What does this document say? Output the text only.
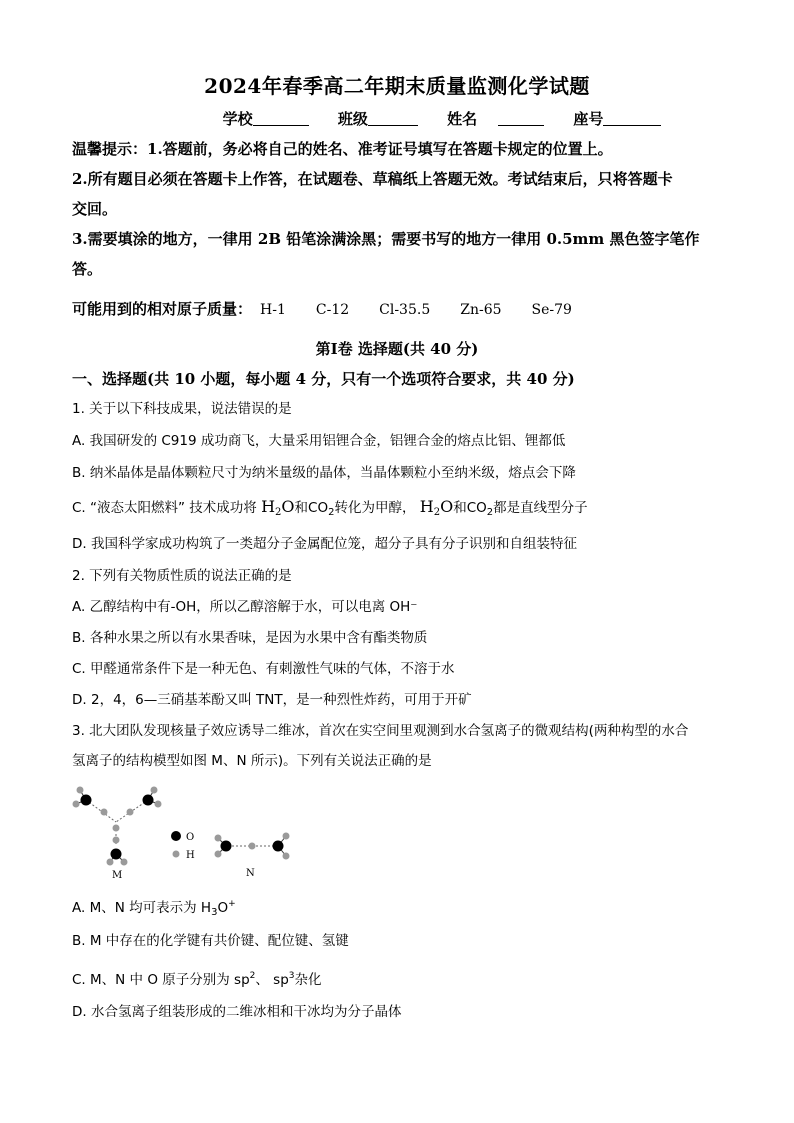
2024年春季高二年期末质量监测化学试题
学校	班级	姓名	座号
温馨提示：1.答题前，务必将自己的姓名、准考证号填写在答题卡规定的位置上。
2.所有题目必须在答题卡上作答，在试题卷、草稿纸上答题无效。考试结束后，只将答题卡
交回。
3.需要填涂的地方，一律用 2B 铅笔涂满涂黑；需要书写的地方一律用 0.5mm 黑色签字笔作
答。
可能用到的相对原子质量： H-1 C-12 Cl-35.5 Zn-65 Se-79
第Ⅰ卷 选择题(共 40 分)
一、选择题(共 10 小题，每小题 4 分，只有一个选项符合要求，共 40 分)
1. 关于以下科技成果，说法错误的是
A. 我国研发的 C919 成功商飞，大量采用铝锂合金，铝锂合金的熔点比铝、锂都低
B. 纳米晶体是晶体颗粒尺寸为纳米量级的晶体，当晶体颗粒小至纳米级，熔点会下降
C. “液态太阳燃料” 技术成功将 $H_2O$和$CO_2$转化为甲醇， $H_2O$和$CO_2$都是直线型分子
D. 我国科学家成功构筑了一类超分子金属配位笼，超分子具有分子识别和自组装特征
2. 下列有关物质性质的说法正确的是
A. 乙醇结构中有-OH，所以乙醇溶解于水，可以电离 OH⁻
B. 各种水果之所以有水果香味，是因为水果中含有酯类物质
C. 甲醛通常条件下是一种无色、有刺激性气味的气体，不溶于水
D. 2，4，6—三硝基苯酚又叫 TNT，是一种烈性炸药，可用于开矿
3. 北大团队发现核量子效应诱导二维冰，首次在实空间里观测到水合氢离子的微观结构(两种构型的水合
氢离子的结构模型如图 M、N 所示)。下列有关说法正确的是
M
O
H
N
A. M、N 均可表示为 $H_3O^+$
B. M 中存在的化学键有共价键、配位键、氢键
C. M、N 中 O 原子分别为 $sp^2$、 $sp^3$杂化
D. 水合氢离子组装形成的二维冰相和干冰均为分子晶体
